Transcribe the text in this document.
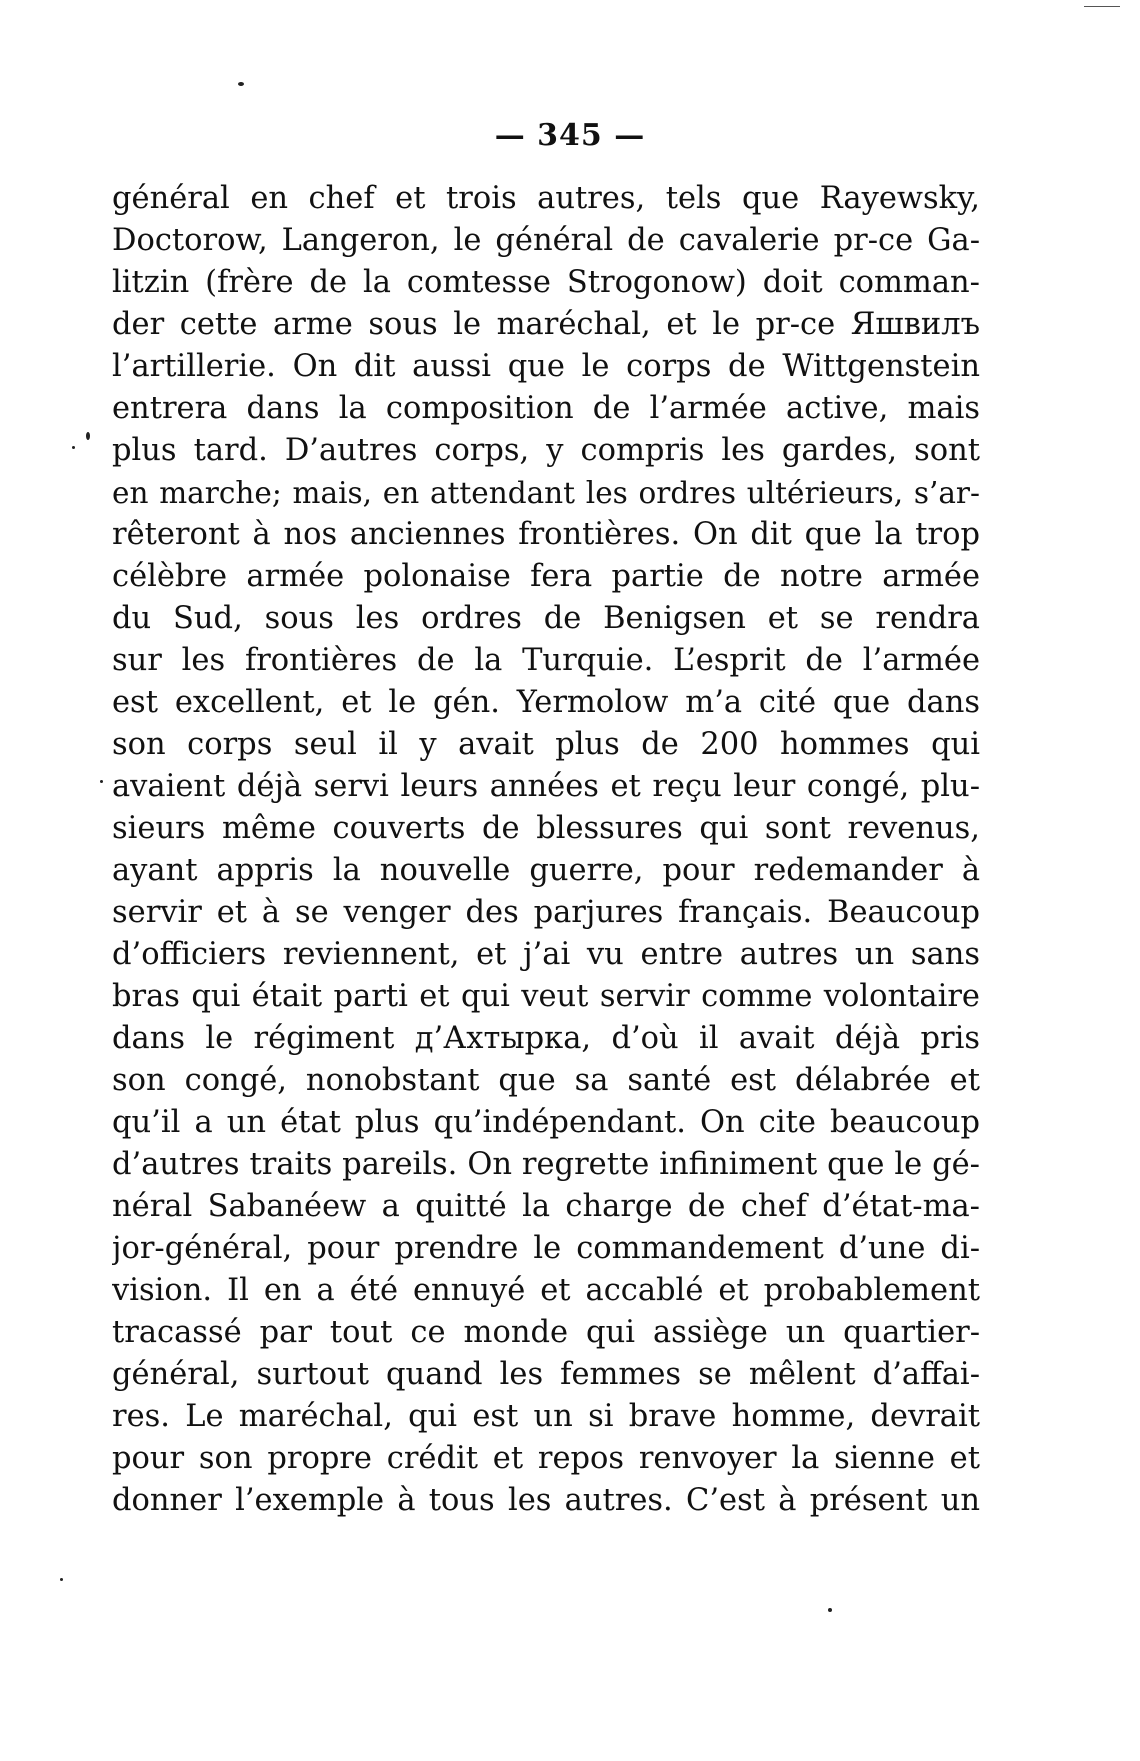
— 345 —
général en chef et trois autres, tels que Rayewsky,
Doctorow, Langeron, le général de cavalerie pr-ce Ga-
litzin (frère de la comtesse Strogonow) doit comman-
der cette arme sous le maréchal, et le pr-ce Яшвилъ
l’artillerie. On dit aussi que le corps de Wittgenstein
entrera dans la composition de l’armée active, mais
plus tard. D’autres corps, y compris les gardes, sont
en marche; mais, en attendant les ordres ultérieurs, s’ar-
rêteront à nos anciennes frontières. On dit que la trop
célèbre armée polonaise fera partie de notre armée
du Sud, sous les ordres de Benigsen et se rendra
sur les frontières de la Turquie. L’esprit de l’armée
est excellent, et le gén. Yermolow m’a cité que dans
son corps seul il y avait plus de 200 hommes qui
avaient déjà servi leurs années et reçu leur congé, plu-
sieurs même couverts de blessures qui sont revenus,
ayant appris la nouvelle guerre, pour redemander à
servir et à se venger des parjures français. Beaucoup
d’officiers reviennent, et j’ai vu entre autres un sans
bras qui était parti et qui veut servir comme volontaire
dans le régiment д’Ахтырка, d’où il avait déjà pris
son congé, nonobstant que sa santé est délabrée et
qu’il a un état plus qu’indépendant. On cite beaucoup
d’autres traits pareils. On regrette infiniment que le gé-
néral Sabanéew a quitté la charge de chef d’état-ma-
jor-général, pour prendre le commandement d’une di-
vision. Il en a été ennuyé et accablé et probablement
tracassé par tout ce monde qui assiège un quartier-
général, surtout quand les femmes se mêlent d’affai-
res. Le maréchal, qui est un si brave homme, devrait
pour son propre crédit et repos renvoyer la sienne et
donner l’exemple à tous les autres. C’est à présent un
